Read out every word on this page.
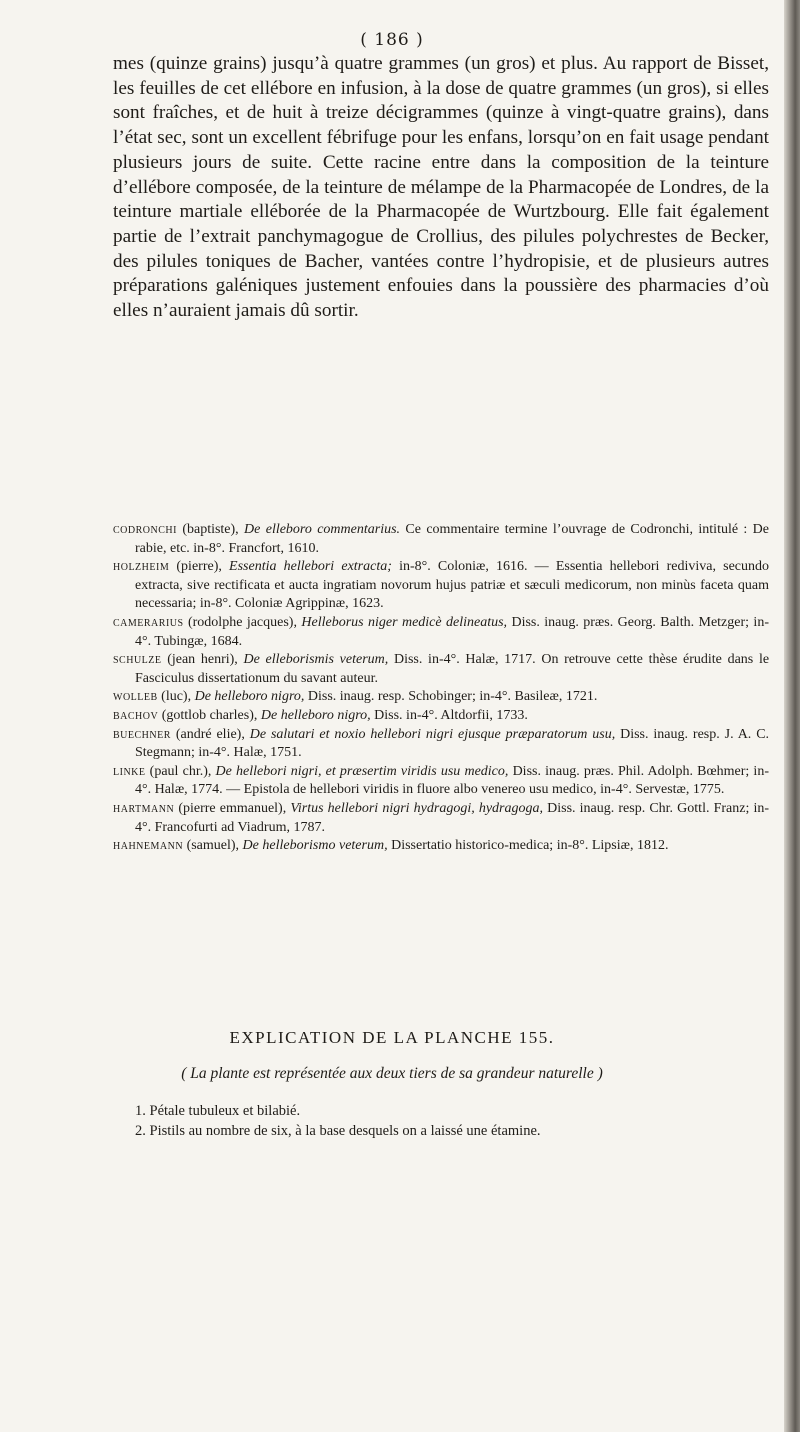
( 186 )

mes (quinze grains) jusqu’à quatre grammes (un gros) et plus. Au rapport de Bisset, les feuilles de cet ellébore en infusion, à la dose de quatre grammes (un gros), si elles sont fraîches, et de huit à treize décigrammes (quinze à vingt-quatre grains), dans l’état sec, sont un excellent fébrifuge pour les enfans, lorsqu’on en fait usage pendant plusieurs jours de suite. Cette racine entre dans la composition de la teinture d’ellébore composée, de la teinture de mélampe de la Pharmacopée de Londres, de la teinture martiale elléborée de la Pharmacopée de Wurtzbourg. Elle fait également partie de l’extrait panchymagogue de Crollius, des pilules polychrestes de Becker, des pilules toniques de Bacher, vantées contre l’hydropisie, et de plusieurs autres préparations galéniques justement enfouies dans la poussière des pharmacies d’où elles n’auraient jamais dû sortir.

codronchi (baptiste), De elleboro commentarius. Ce commentaire termine l’ouvrage de Codronchi, intitulé : De rabie, etc. in-8°. Francfort, 1610.

holzheim (pierre), Essentia hellebori extracta; in-8°. Coloniæ, 1616. — Essentia hellebori rediviva, secundo extracta, sive rectificata et aucta ingratiam novorum hujus patriæ et sæculi medicorum, non minùs faceta quam necessaria; in-8°. Coloniæ Agrippinæ, 1623.

camerarius (rodolphe jacques), Helleborus niger medicè delineatus, Diss. inaug. præs. Georg. Balth. Metzger; in-4°. Tubingæ, 1684.

schulze (jean henri), De elleborismis veterum, Diss. in-4°. Halæ, 1717. On retrouve cette thèse érudite dans le Fasciculus dissertationum du savant auteur.

wolleb (luc), De helleboro nigro, Diss. inaug. resp. Schobinger; in-4°. Basileæ, 1721.

bachov (gottlob charles), De helleboro nigro, Diss. in-4°. Altdorfii, 1733.

buechner (andré elie), De salutari et noxio hellebori nigri ejusque præparatorum usu, Diss. inaug. resp. J. A. C. Stegmann; in-4°. Halæ, 1751.

linke (paul chr.), De hellebori nigri, et præsertim viridis usu medico, Diss. inaug. præs. Phil. Adolph. Bœhmer; in-4°. Halæ, 1774. — Epistola de hellebori viridis in fluore albo venereo usu medico, in-4°. Servestæ, 1775.

hartmann (pierre emmanuel), Virtus hellebori nigri hydragogi, hydragoga, Diss. inaug. resp. Chr. Gottl. Franz; in-4°. Francofurti ad Viadrum, 1787.

hahnemann (samuel), De helleborismo veterum, Dissertatio historico-medica; in-8°. Lipsiæ, 1812.

EXPLICATION DE LA PLANCHE 155.
( La plante est représentée aux deux tiers de sa grandeur naturelle )
1. Pétale tubuleux et bilabié.
2. Pistils au nombre de six, à la base desquels on a laissé une étamine.
